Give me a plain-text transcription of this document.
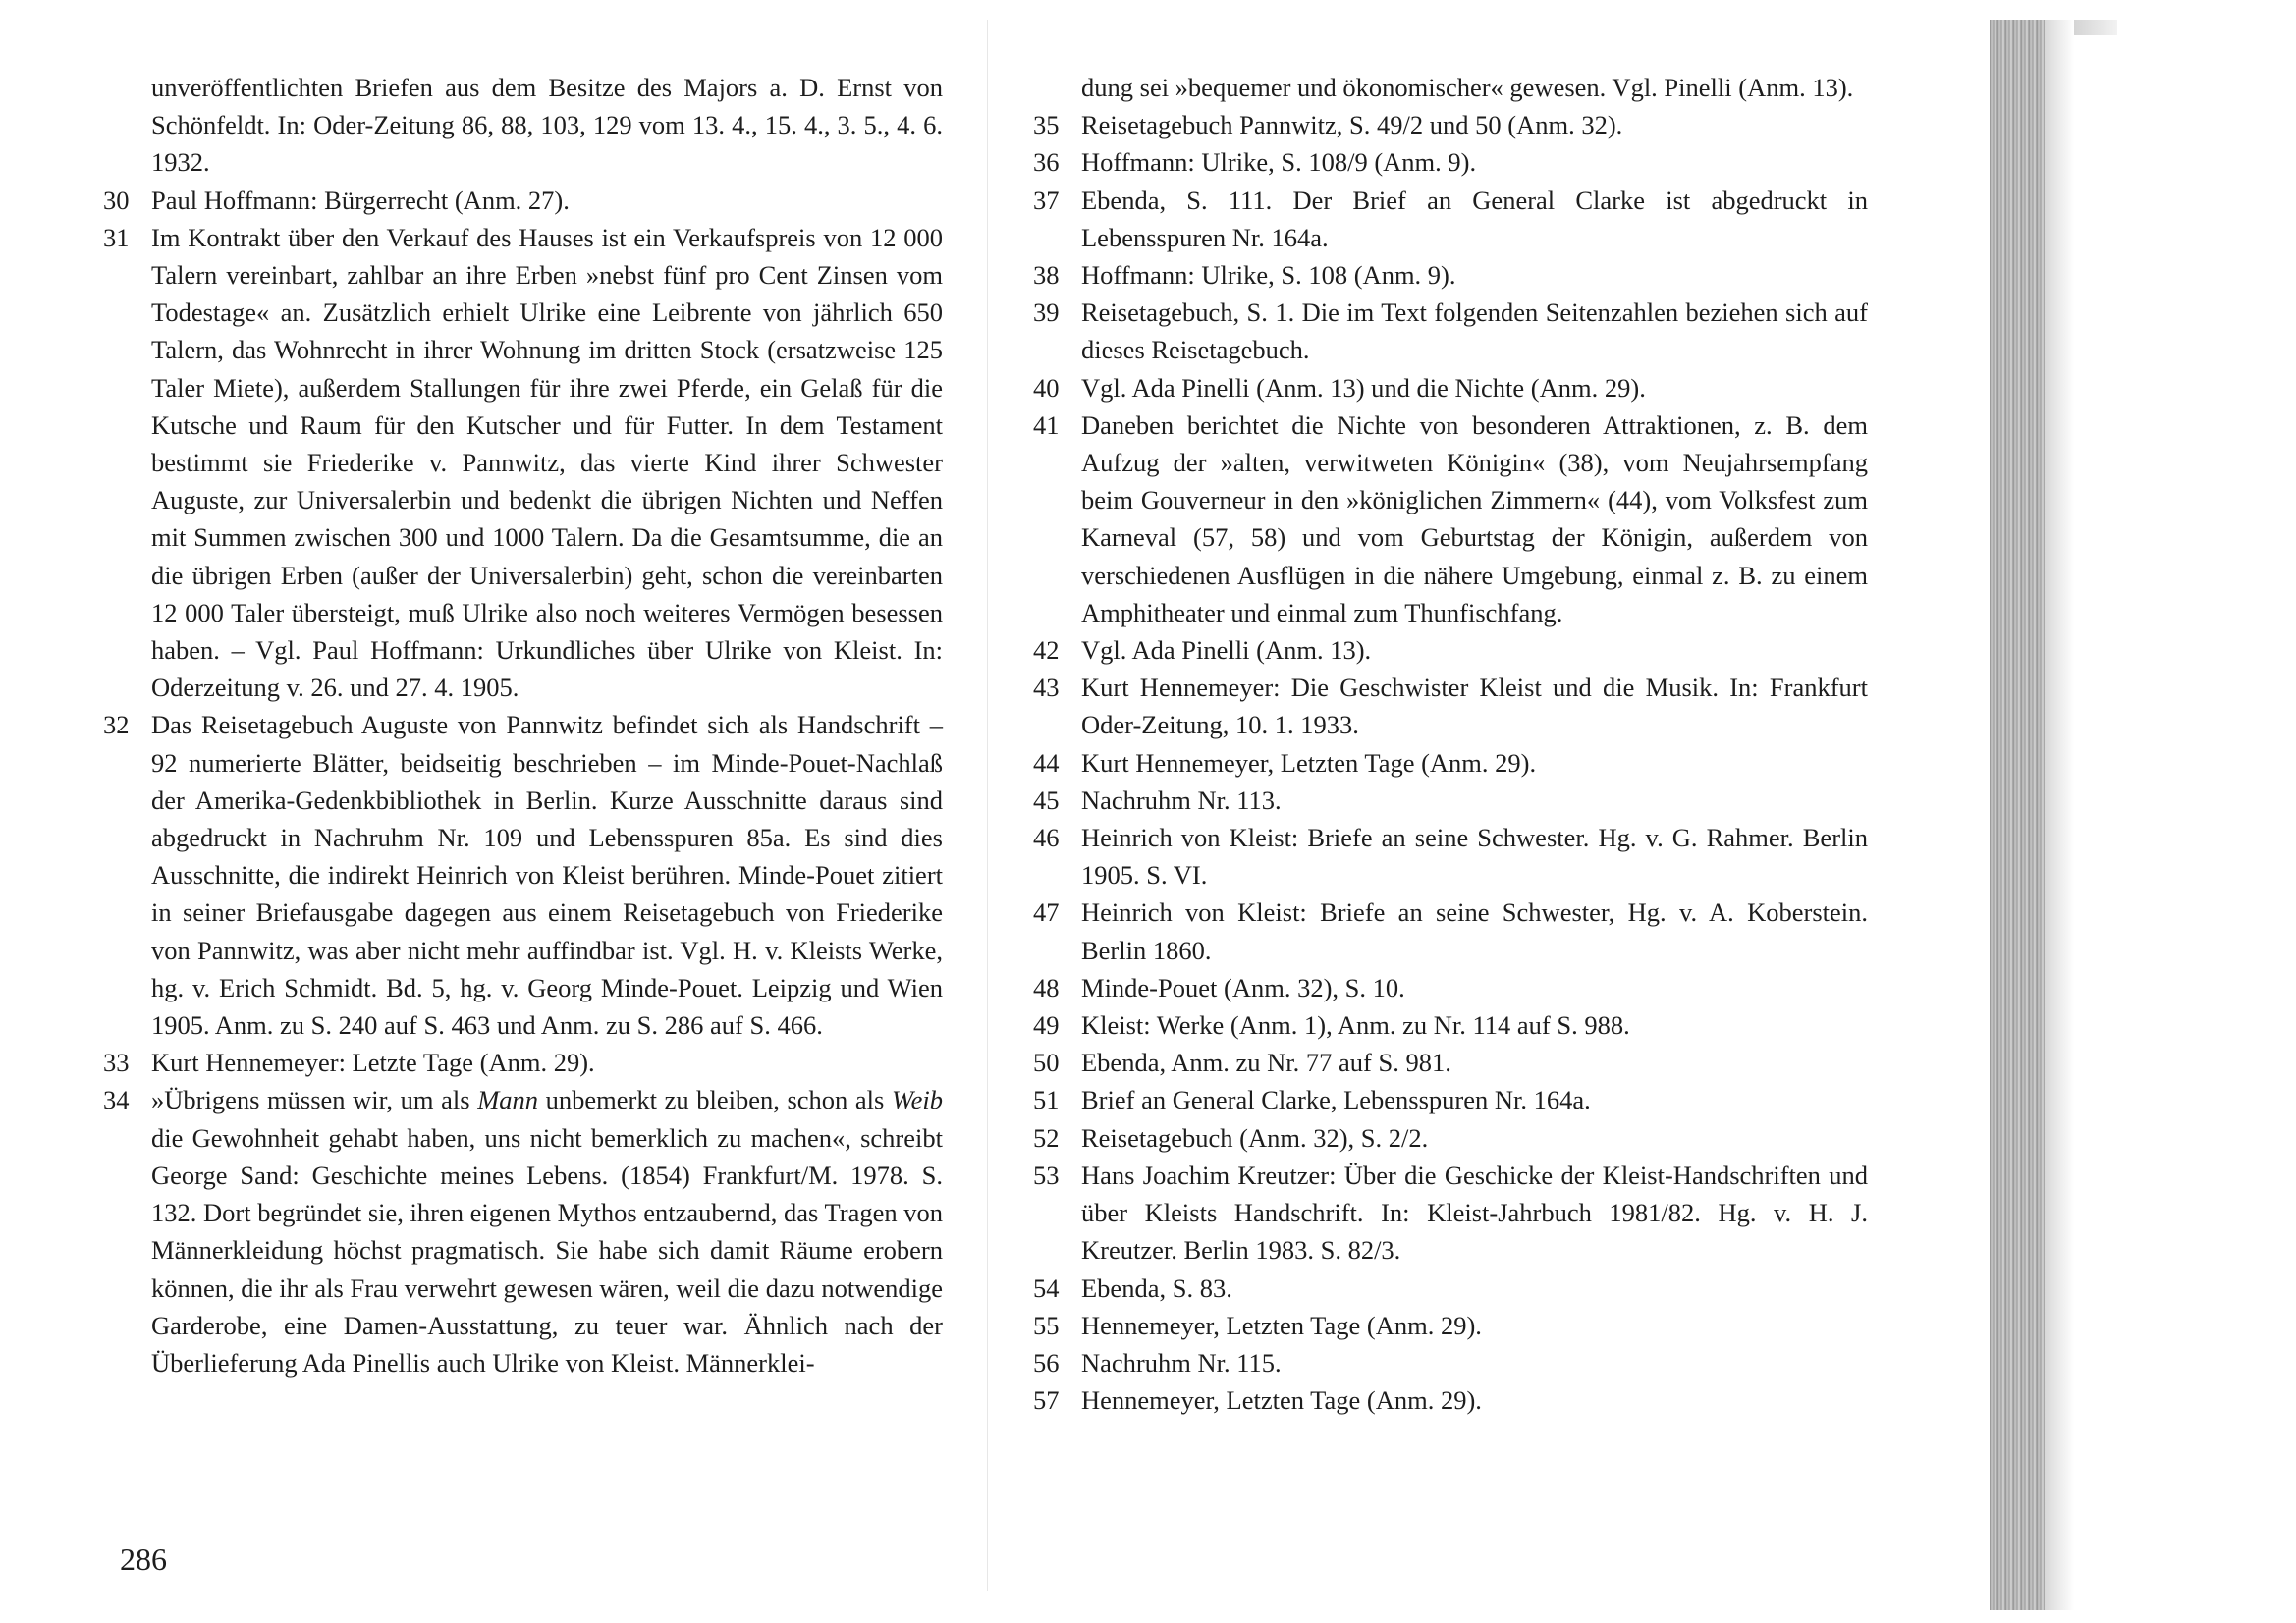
unveröffentlichten Briefen aus dem Besitze des Majors a. D. Ernst von Schönfeldt. In: Oder-Zeitung 86, 88, 103, 129 vom 13. 4., 15. 4., 3. 5., 4. 6. 1932.
30 Paul Hoffmann: Bürgerrecht (Anm. 27).
31 Im Kontrakt über den Verkauf des Hauses ist ein Verkaufspreis von 12 000 Talern vereinbart, zahlbar an ihre Erben »nebst fünf pro Cent Zinsen vom Todestage« an. Zusätzlich erhielt Ulrike eine Leibrente von jährlich 650 Talern, das Wohnrecht in ihrer Wohnung im dritten Stock (ersatzweise 125 Taler Miete), außerdem Stallungen für ihre zwei Pferde, ein Gelaß für die Kutsche und Raum für den Kutscher und für Futter. In dem Testament bestimmt sie Friederike v. Pannwitz, das vierte Kind ihrer Schwester Auguste, zur Universalerbin und bedenkt die übrigen Nichten und Neffen mit Summen zwischen 300 und 1000 Talern. Da die Gesamtsumme, die an die übrigen Erben (außer der Universalerbin) geht, schon die vereinbarten 12 000 Taler übersteigt, muß Ulrike also noch weiteres Vermögen besessen haben. – Vgl. Paul Hoffmann: Urkundliches über Ulrike von Kleist. In: Oderzeitung v. 26. und 27. 4. 1905.
32 Das Reisetagebuch Auguste von Pannwitz befindet sich als Handschrift – 92 numerierte Blätter, beidseitig beschrieben – im Minde-Pouet-Nachlaß der Amerika-Gedenkbibliothek in Berlin. Kurze Ausschnitte daraus sind abgedruckt in Nachruhm Nr. 109 und Lebensspuren 85a. Es sind dies Ausschnitte, die indirekt Heinrich von Kleist berühren. Minde-Pouet zitiert in seiner Briefausgabe dagegen aus einem Reisetagebuch von Friederike von Pannwitz, was aber nicht mehr auffindbar ist. Vgl. H. v. Kleists Werke, hg. v. Erich Schmidt. Bd. 5, hg. v. Georg Minde-Pouet. Leipzig und Wien 1905. Anm. zu S. 240 auf S. 463 und Anm. zu S. 286 auf S. 466.
33 Kurt Hennemeyer: Letzte Tage (Anm. 29).
34 »Übrigens müssen wir, um als Mann unbemerkt zu bleiben, schon als Weib die Gewohnheit gehabt haben, uns nicht bemerklich zu machen«, schreibt George Sand: Geschichte meines Lebens. (1854) Frankfurt/M. 1978. S. 132. Dort begründet sie, ihren eigenen Mythos entzaubernd, das Tragen von Männerkleidung höchst pragmatisch. Sie habe sich damit Räume erobern können, die ihr als Frau verwehrt gewesen wären, weil die dazu notwendige Garderobe, eine Damen-Ausstattung, zu teuer war. Ähnlich nach der Überlieferung Ada Pinellis auch Ulrike von Kleist. Männerklei-
286
dung sei »bequemer und ökonomischer« gewesen. Vgl. Pinelli (Anm. 13).
35 Reisetagebuch Pannwitz, S. 49/2 und 50 (Anm. 32).
36 Hoffmann: Ulrike, S. 108/9 (Anm. 9).
37 Ebenda, S. 111. Der Brief an General Clarke ist abgedruckt in Lebensspuren Nr. 164a.
38 Hoffmann: Ulrike, S. 108 (Anm. 9).
39 Reisetagebuch, S. 1. Die im Text folgenden Seitenzahlen beziehen sich auf dieses Reisetagebuch.
40 Vgl. Ada Pinelli (Anm. 13) und die Nichte (Anm. 29).
41 Daneben berichtet die Nichte von besonderen Attraktionen, z. B. dem Aufzug der »alten, verwitweten Königin« (38), vom Neujahrsempfang beim Gouverneur in den »königlichen Zimmern« (44), vom Volksfest zum Karneval (57, 58) und vom Geburtstag der Königin, außerdem von verschiedenen Ausflügen in die nähere Umgebung, einmal z. B. zu einem Amphitheater und einmal zum Thunfischfang.
42 Vgl. Ada Pinelli (Anm. 13).
43 Kurt Hennemeyer: Die Geschwister Kleist und die Musik. In: Frankfurt Oder-Zeitung, 10. 1. 1933.
44 Kurt Hennemeyer, Letzten Tage (Anm. 29).
45 Nachruhm Nr. 113.
46 Heinrich von Kleist: Briefe an seine Schwester. Hg. v. G. Rahmer. Berlin 1905. S. VI.
47 Heinrich von Kleist: Briefe an seine Schwester, Hg. v. A. Koberstein. Berlin 1860.
48 Minde-Pouet (Anm. 32), S. 10.
49 Kleist: Werke (Anm. 1), Anm. zu Nr. 114 auf S. 988.
50 Ebenda, Anm. zu Nr. 77 auf S. 981.
51 Brief an General Clarke, Lebensspuren Nr. 164a.
52 Reisetagebuch (Anm. 32), S. 2/2.
53 Hans Joachim Kreutzer: Über die Geschicke der Kleist-Handschriften und über Kleists Handschrift. In: Kleist-Jahrbuch 1981/82. Hg. v. H. J. Kreutzer. Berlin 1983. S. 82/3.
54 Ebenda, S. 83.
55 Hennemeyer, Letzten Tage (Anm. 29).
56 Nachruhm Nr. 115.
57 Hennemeyer, Letzten Tage (Anm. 29).
